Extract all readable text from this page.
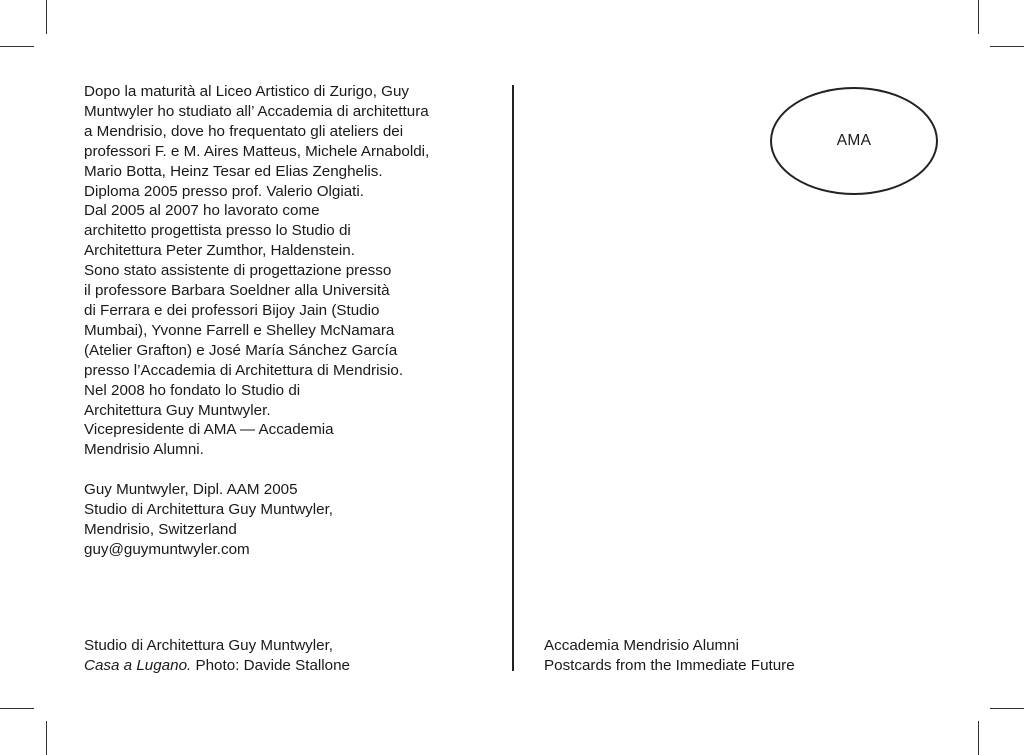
Dopo la maturità al Liceo Artistico di Zurigo, Guy
Muntwyler ho studiato all’ Accademia di architettura
a Mendrisio, dove ho frequentato gli ateliers dei
professori F. e M. Aires Matteus, Michele Arnaboldi,
Mario Botta, Heinz Tesar ed Elias Zenghelis.
Diploma 2005 presso prof. Valerio Olgiati.
Dal 2005 al 2007 ho lavorato come
architetto progettista presso lo Studio di
Architettura Peter Zumthor, Haldenstein.
Sono stato assistente di progettazione presso
il professore Barbara Soeldner alla Università
di Ferrara e dei professori Bijoy Jain (Studio
Mumbai), Yvonne Farrell e Shelley McNamara
(Atelier Grafton) e José María Sánchez García
presso l’Accademia di Architettura di Mendrisio.
Nel 2008 ho fondato lo Studio di
Architettura Guy Muntwyler.
Vicepresidente di AMA — Accademia
Mendrisio Alumni.
Guy Muntwyler, Dipl. AAM 2005
Studio di Architettura Guy Muntwyler,
Mendrisio, Switzerland
guy@guymuntwyler.com
Studio di Architettura Guy Muntwyler,
Casa a Lugano. Photo: Davide Stallone
AMA
Accademia Mendrisio Alumni
Postcards from the Immediate Future
